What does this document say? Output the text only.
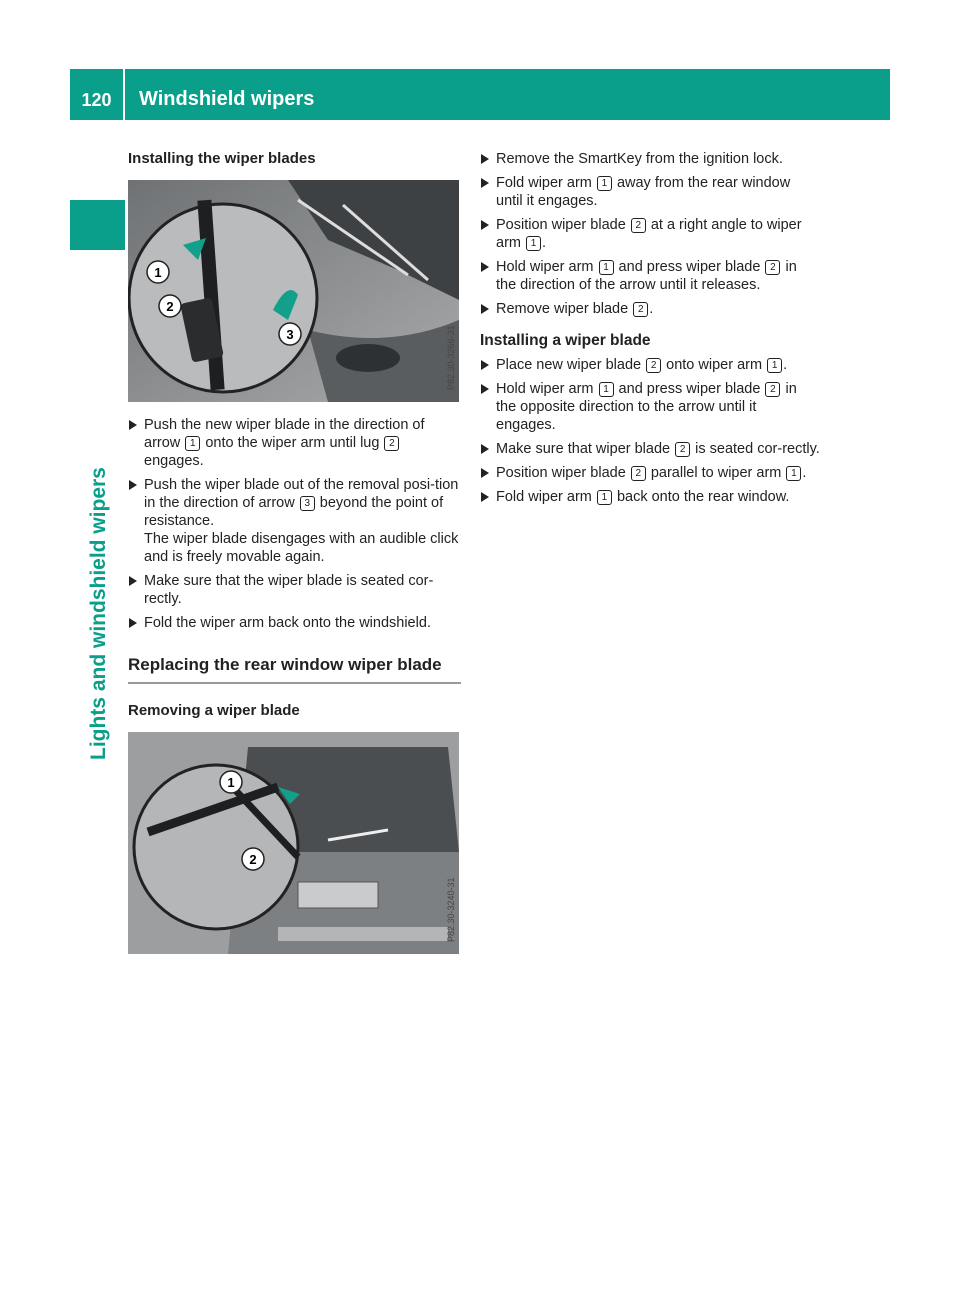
120	Windshield wipers
Lights and windshield wipers
Installing the wiper blades
1
2
3	P82.30-3266-31
Push the new wiper blade in the direction of arrow 1 onto the wiper arm until lug 2 engages.
Push the wiper blade out of the removal posi-tion in the direction of arrow 3 beyond the point of resistance.
The wiper blade disengages with an audible click and is freely movable again.
Make sure that the wiper blade is seated cor-rectly.
Fold the wiper arm back onto the windshield.
Replacing the rear window wiper blade
Removing a wiper blade
1
2
P82.30-3240-31
Remove the SmartKey from the ignition lock.
Fold wiper arm 1 away from the rear window until it engages.
Position wiper blade 2 at a right angle to wiper arm 1 .
Hold wiper arm 1 and press wiper blade 2 in the direction of the arrow until it releases.
Remove wiper blade 2 .
Installing a wiper blade
Place new wiper blade 2 onto wiper arm 1 .
Hold wiper arm 1 and press wiper blade 2 in the opposite direction to the arrow until it engages.
Make sure that wiper blade 2 is seated cor-rectly.
Position wiper blade 2 parallel to wiper arm 1 .
Fold wiper arm 1 back onto the rear window.
